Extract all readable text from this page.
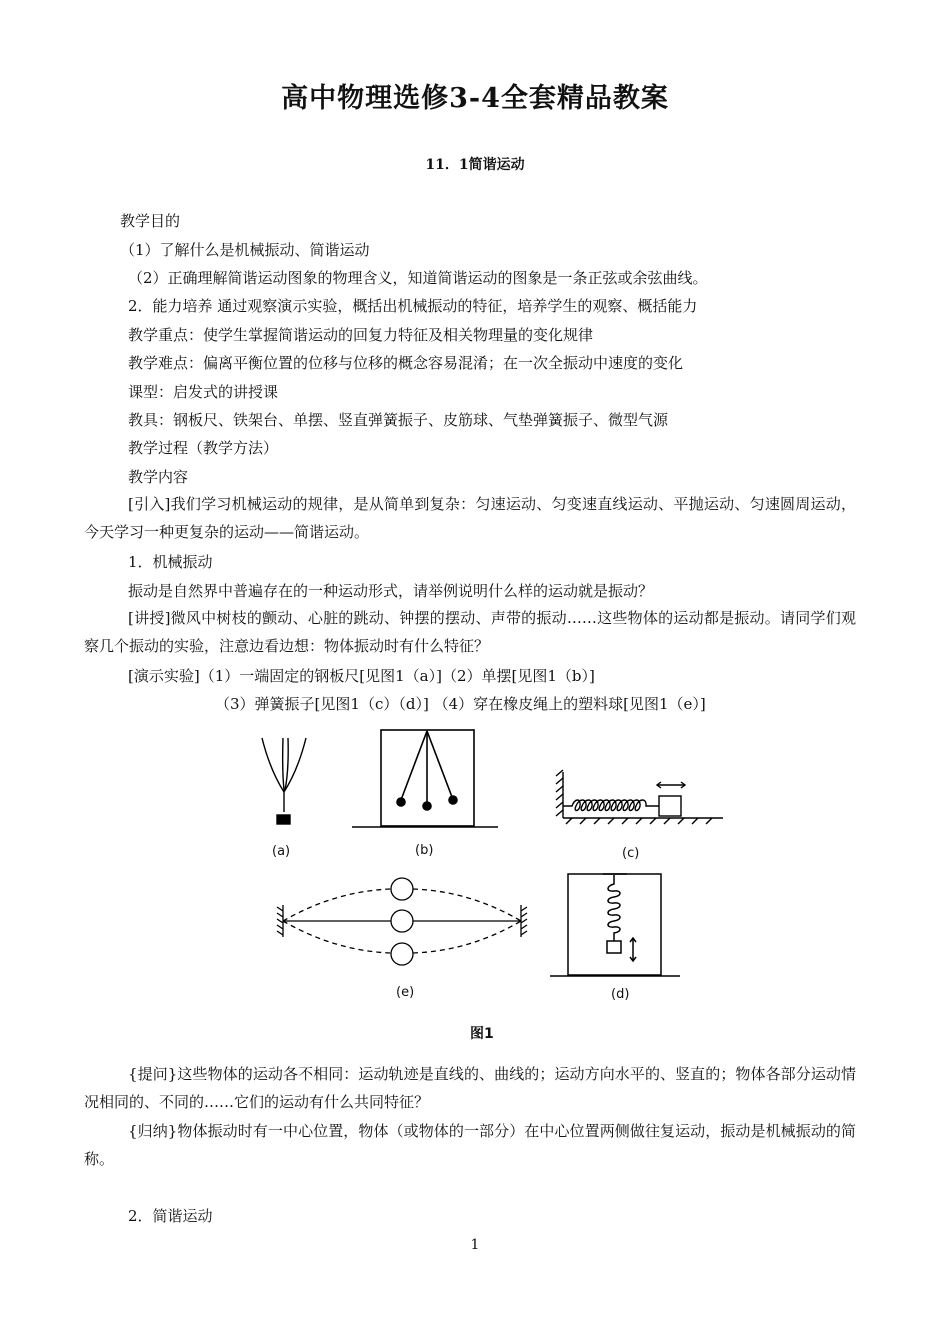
高中物理选修3-4全套精品教案
11．1简谐运动
教学目的
（1）了解什么是机械振动、简谐运动
（2）正确理解简谐运动图象的物理含义，知道简谐运动的图象是一条正弦或余弦曲线。
2．能力培养 通过观察演示实验，概括出机械振动的特征，培养学生的观察、概括能力
教学重点：使学生掌握简谐运动的回复力特征及相关物理量的变化规律
教学难点：偏离平衡位置的位移与位移的概念容易混淆；在一次全振动中速度的变化
课型：启发式的讲授课
教具：钢板尺、铁架台、单摆、竖直弹簧振子、皮筋球、气垫弹簧振子、微型气源
教学过程（教学方法）
教学内容
[引入]我们学习机械运动的规律，是从简单到复杂：匀速运动、匀变速直线运动、平抛运动、匀速圆周运动，今天学习一种更复杂的运动——简谐运动。
1．机械振动
振动是自然界中普遍存在的一种运动形式，请举例说明什么样的运动就是振动？
[讲授]微风中树枝的颤动、心脏的跳动、钟摆的摆动、声带的振动……这些物体的运动都是振动。请同学们观察几个振动的实验，注意边看边想：物体振动时有什么特征？
[演示实验]（1）一端固定的钢板尺[见图1（a）]（2）单摆[见图1（b）]
（3）弹簧振子[见图1（c）（d）] （4）穿在橡皮绳上的塑料球[见图1（e）]
(a)	(b)	(c)
(e)	(d)
图1
{提问}这些物体的运动各不相同：运动轨迹是直线的、曲线的；运动方向水平的、竖直的；物体各部分运动情况相同的、不同的……它们的运动有什么共同特征？
{归纳}物体振动时有一中心位置，物体（或物体的一部分）在中心位置两侧做往复运动，振动是机械振动的简称。
2．简谐运动
1
